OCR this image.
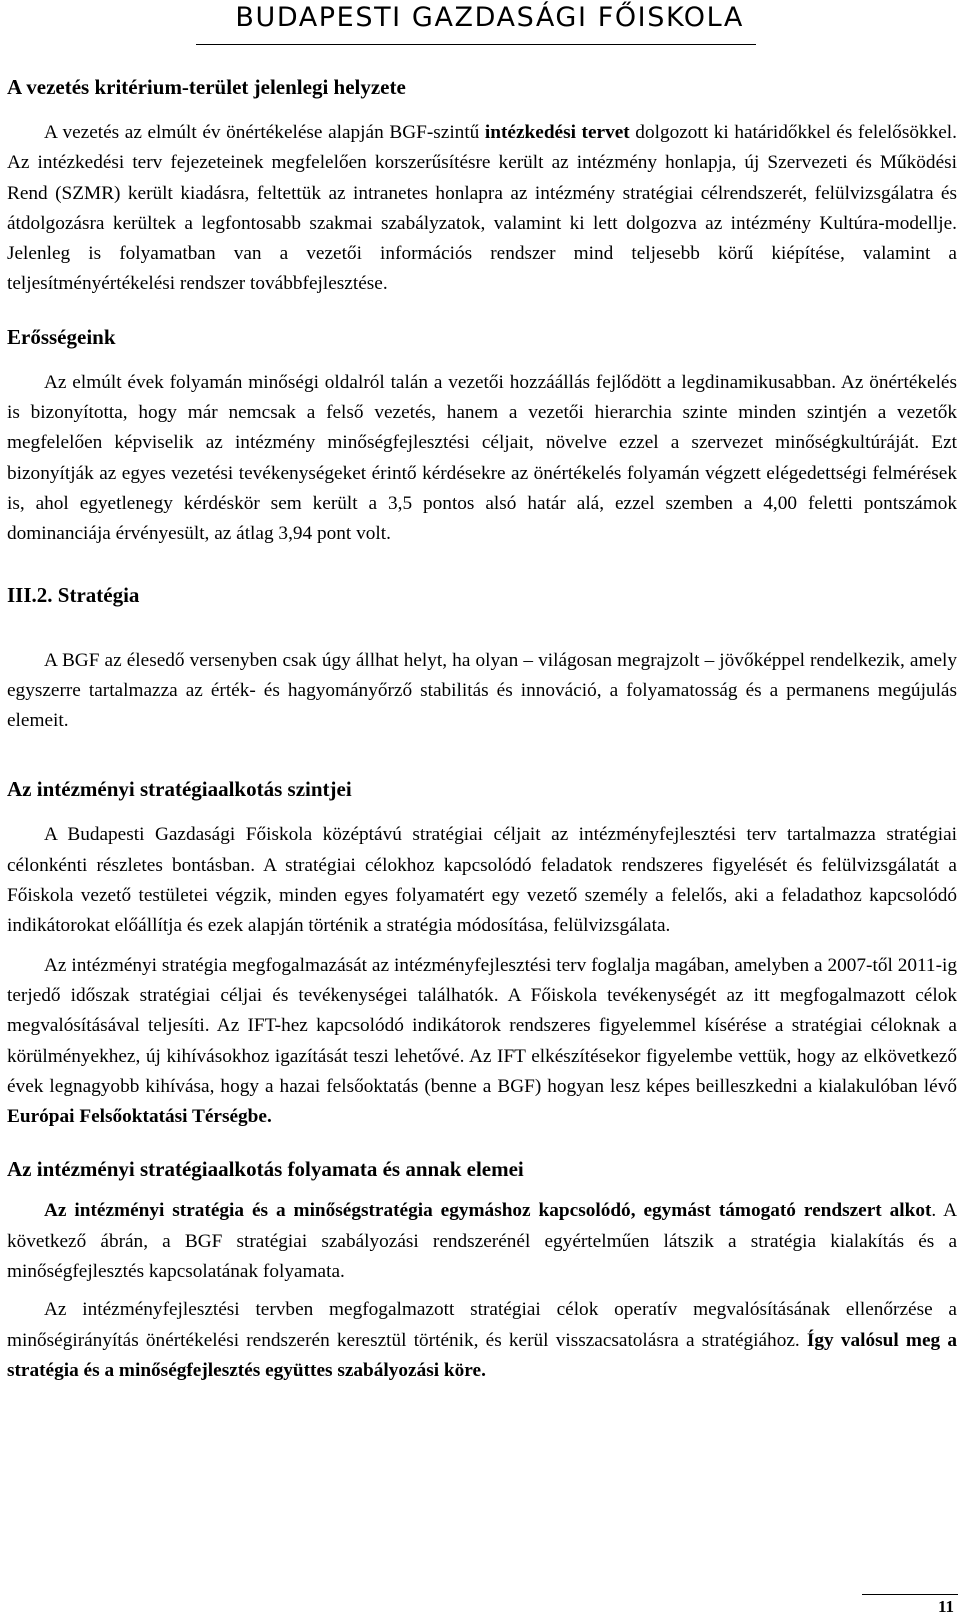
BUDAPESTI GAZDASÁGI FŐISKOLA
A vezetés kritérium-terület jelenlegi helyzete

A vezetés az elmúlt év önértékelése alapján BGF-szintű intézkedési tervet dolgozott ki határidőkkel és felelősökkel. Az intézkedési terv fejezeteinek megfelelően korszerűsítésre került az intézmény honlapja, új Szervezeti és Működési Rend (SZMR) került kiadásra, feltettük az intranetes honlapra az intézmény stratégiai célrendszerét, felülvizsgálatra és átdolgozásra kerültek a legfontosabb szakmai szabályzatok, valamint ki lett dolgozva az intézmény Kultúra-modellje. Jelenleg is folyamatban van a vezetői információs rendszer mind teljesebb körű kiépítése, valamint a teljesítményértékelési rendszer továbbfejlesztése.

Erősségeink

Az elmúlt évek folyamán minőségi oldalról talán a vezetői hozzáállás fejlődött a legdinamikusabban. Az önértékelés is bizonyította, hogy már nemcsak a felső vezetés, hanem a vezetői hierarchia szinte minden szintjén a vezetők megfelelően képviselik az intézmény minőségfejlesztési céljait, növelve ezzel a szervezet minőségkultúráját. Ezt bizonyítják az egyes vezetési tevékenységeket érintő kérdésekre az önértékelés folyamán végzett elégedettségi felmérések is, ahol egyetlenegy kérdéskör sem került a 3,5 pontos alsó határ alá, ezzel szemben a 4,00 feletti pontszámok dominanciája érvényesült, az átlag 3,94 pont volt.

III.2. Stratégia

A BGF az élesedő versenyben csak úgy állhat helyt, ha olyan – világosan megrajzolt – jövőképpel rendelkezik, amely egyszerre tartalmazza az érték- és hagyományőrző stabilitás és innováció, a folyamatosság és a permanens megújulás elemeit.

Az intézményi stratégiaalkotás szintjei

A Budapesti Gazdasági Főiskola középtávú stratégiai céljait az intézményfejlesztési terv tartalmazza stratégiai célonkénti részletes bontásban. A stratégiai célokhoz kapcsolódó feladatok rendszeres figyelését és felülvizsgálatát a Főiskola vezető testületei végzik, minden egyes folyamatért egy vezető személy a felelős, aki a feladathoz kapcsolódó indikátorokat előállítja és ezek alapján történik a stratégia módosítása, felülvizsgálata.

Az intézményi stratégia megfogalmazását az intézményfejlesztési terv foglalja magában, amelyben a 2007-től 2011-ig terjedő időszak stratégiai céljai és tevékenységei találhatók. A Főiskola tevékenységét az itt megfogalmazott célok megvalósításával teljesíti. Az IFT-hez kapcsolódó indikátorok rendszeres figyelemmel kísérése a stratégiai céloknak a körülményekhez, új kihívásokhoz igazítását teszi lehetővé. Az IFT elkészítésekor figyelembe vettük, hogy az elkövetkező évek legnagyobb kihívása, hogy a hazai felsőoktatás (benne a BGF) hogyan lesz képes beilleszkedni a kialakulóban lévő Európai Felsőoktatási Térségbe.

Az intézményi stratégiaalkotás folyamata és annak elemei

Az intézményi stratégia és a minőségstratégia egymáshoz kapcsolódó, egymást támogató rendszert alkot. A következő ábrán, a BGF stratégiai szabályozási rendszerénél egyértelműen látszik a stratégia kialakítás és a minőségfejlesztés kapcsolatának folyamata.

Az intézményfejlesztési tervben megfogalmazott stratégiai célok operatív megvalósításának ellenőrzése a minőségirányítás önértékelési rendszerén keresztül történik, és kerül visszacsatolásra a stratégiához. Így valósul meg a stratégia és a minőségfejlesztés együttes szabályozási köre.

11
